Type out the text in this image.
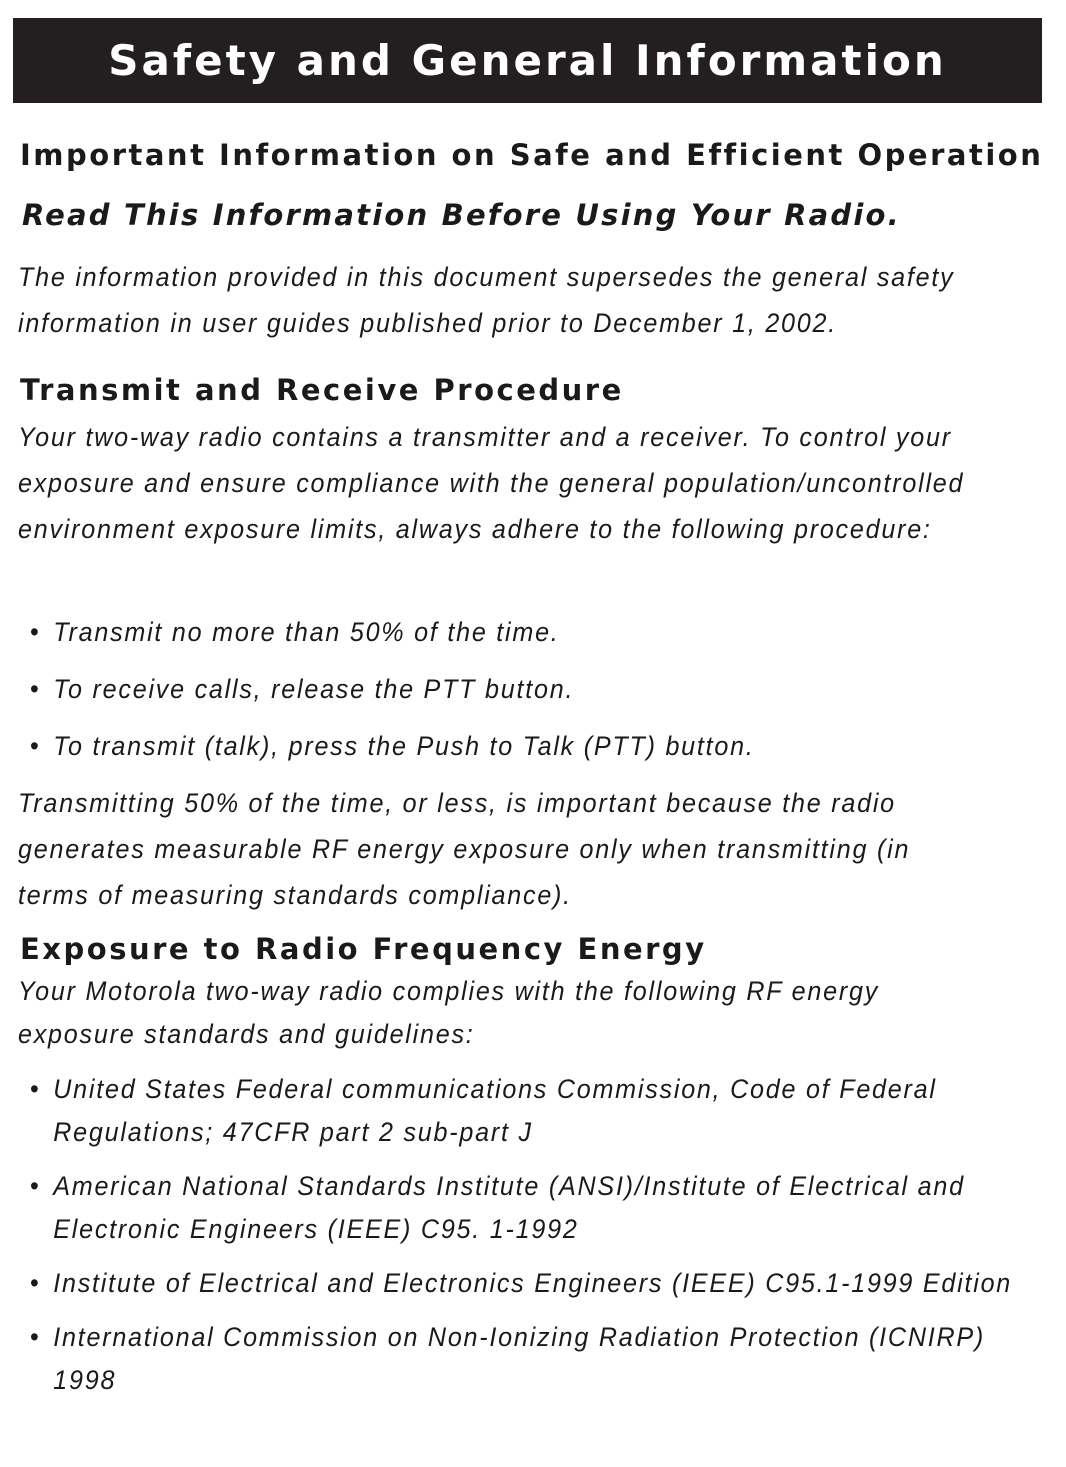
Safety and General Information
Important Information on Safe and Efficient Operation
Read This Information Before Using Your Radio.

The information provided in this document supersedes the general safety information in user guides published prior to December 1, 2002.

Transmit and Receive Procedure

Your two-way radio contains a transmitter and a receiver. To control your exposure and ensure compliance with the general population/uncontrolled environment exposure limits, always adhere to the following procedure:

• Transmit no more than 50% of the time.
• To receive calls, release the PTT button.
• To transmit (talk), press the Push to Talk (PTT) button.

Transmitting 50% of the time, or less, is important because the radio generates measurable RF energy exposure only when transmitting (in terms of measuring standards compliance).

Exposure to Radio Frequency Energy

Your Motorola two-way radio complies with the following RF energy exposure standards and guidelines:

• United States Federal communications Commission, Code of Federal Regulations; 47CFR part 2 sub-part J
• American National Standards Institute (ANSI)/Institute of Electrical and Electronic Engineers (IEEE) C95. 1-1992
• Institute of Electrical and Electronics Engineers (IEEE) C95.1-1999 Edition
• International Commission on Non-Ionizing Radiation Protection (ICNIRP) 1998
